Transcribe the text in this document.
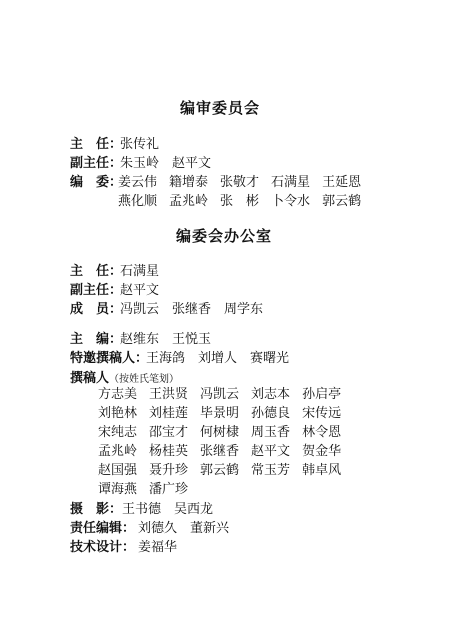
编审委员会
主　任：
张传礼
副主任：
朱玉岭　赵平文
编　委：
姜云伟 籍增泰 张敬才 石满星 王延恩
燕化顺 孟兆岭 张　彬 卜令水 郭云鹤
编委会办公室
主　任：
石满星
副主任：
赵平文
成　员：
冯凯云　张继香　周学东
主　编：
赵维东　王悦玉
特邀撰稿人：
王海鸽　刘增人　赛曙光
撰稿人（按姓氏笔划）
方志美 王洪贤 冯凯云 刘志本 孙启亭
刘艳林 刘桂莲 毕景明 孙德良 宋传远
宋纯志 邵宝才 何树棣 周玉香 林令恩
孟兆岭 杨桂英 张继香 赵平文 贺金华
赵国强 聂升珍 郭云鹤 常玉芳 韩卓风
谭海燕 潘广珍
摄　影： 王书德　吴西龙
责任编辑： 刘德久　董新兴
技术设计： 姜福华
